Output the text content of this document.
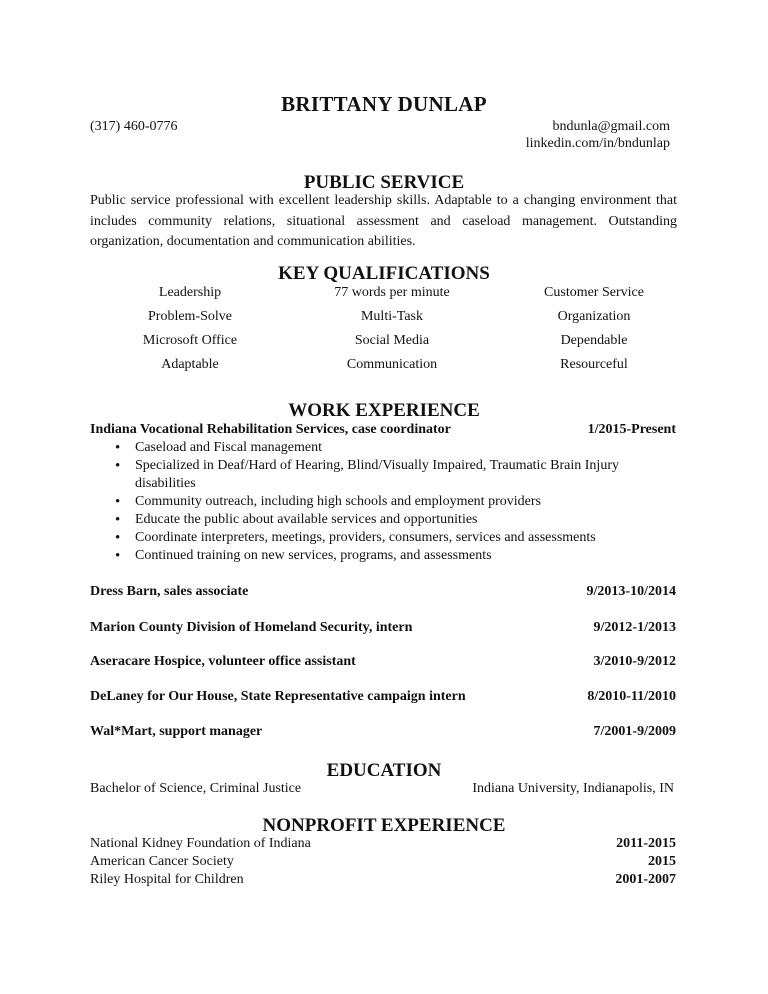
BRITTANY DUNLAP
(317) 460-0776	bndunla@gmail.com
linkedin.com/in/bndunlap
PUBLIC SERVICE
Public service professional with excellent leadership skills. Adaptable to a changing environment that includes community relations, situational assessment and caseload management. Outstanding organization, documentation and communication abilities.
KEY QUALIFICATIONS
Leadership	77 words per minute	Customer Service
Problem-Solve	Multi-Task	Organization
Microsoft Office	Social Media	Dependable
Adaptable	Communication	Resourceful
WORK EXPERIENCE
Indiana Vocational Rehabilitation Services, case coordinator	1/2015-Present
• Caseload and Fiscal management
• Specialized in Deaf/Hard of Hearing, Blind/Visually Impaired, Traumatic Brain Injury disabilities
• Community outreach, including high schools and employment providers
• Educate the public about available services and opportunities
• Coordinate interpreters, meetings, providers, consumers, services and assessments
• Continued training on new services, programs, and assessments
Dress Barn, sales associate	9/2013-10/2014
Marion County Division of Homeland Security, intern	9/2012-1/2013
Aseracare Hospice, volunteer office assistant	3/2010-9/2012
DeLaney for Our House, State Representative campaign intern	8/2010-11/2010
Wal*Mart, support manager	7/2001-9/2009
EDUCATION
Bachelor of Science, Criminal Justice	Indiana University, Indianapolis, IN
NONPROFIT EXPERIENCE
National Kidney Foundation of Indiana	2011-2015
American Cancer Society	2015
Riley Hospital for Children	2001-2007
